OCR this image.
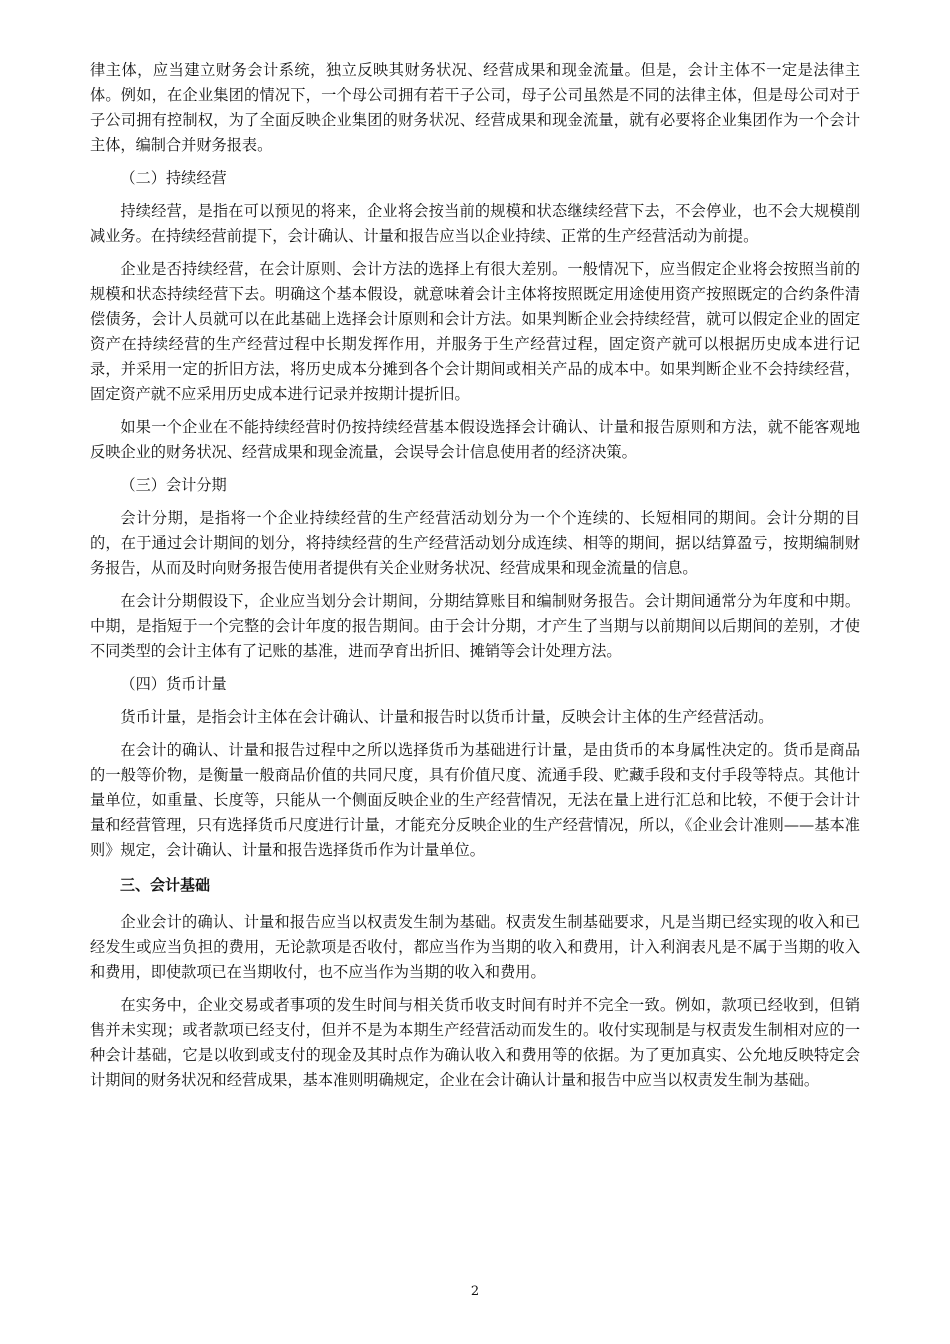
律主体，应当建立财务会计系统，独立反映其财务状况、经营成果和现金流量。但是，会计主体不一定是法律主体。例如，在企业集团的情况下，一个母公司拥有若干子公司，母子公司虽然是不同的法律主体，但是母公司对于子公司拥有控制权，为了全面反映企业集团的财务状况、经营成果和现金流量，就有必要将企业集团作为一个会计主体，编制合并财务报表。

（二）持续经营

持续经营，是指在可以预见的将来，企业将会按当前的规模和状态继续经营下去，不会停业，也不会大规模削减业务。在持续经营前提下，会计确认、计量和报告应当以企业持续、正常的生产经营活动为前提。

企业是否持续经营，在会计原则、会计方法的选择上有很大差别。一般情况下，应当假定企业将会按照当前的规模和状态持续经营下去。明确这个基本假设，就意味着会计主体将按照既定用途使用资产按照既定的合约条件清偿债务，会计人员就可以在此基础上选择会计原则和会计方法。如果判断企业会持续经营，就可以假定企业的固定资产在持续经营的生产经营过程中长期发挥作用，并服务于生产经营过程，固定资产就可以根据历史成本进行记录，并采用一定的折旧方法，将历史成本分摊到各个会计期间或相关产品的成本中。如果判断企业不会持续经营，固定资产就不应采用历史成本进行记录并按期计提折旧。

如果一个企业在不能持续经营时仍按持续经营基本假设选择会计确认、计量和报告原则和方法，就不能客观地反映企业的财务状况、经营成果和现金流量，会误导会计信息使用者的经济决策。

（三）会计分期

会计分期，是指将一个企业持续经营的生产经营活动划分为一个个连续的、长短相同的期间。会计分期的目的，在于通过会计期间的划分，将持续经营的生产经营活动划分成连续、相等的期间，据以结算盈亏，按期编制财务报告，从而及时向财务报告使用者提供有关企业财务状况、经营成果和现金流量的信息。

在会计分期假设下，企业应当划分会计期间，分期结算账目和编制财务报告。会计期间通常分为年度和中期。中期，是指短于一个完整的会计年度的报告期间。由于会计分期，才产生了当期与以前期间以后期间的差别，才使不同类型的会计主体有了记账的基准，进而孕育出折旧、摊销等会计处理方法。

（四）货币计量

货币计量，是指会计主体在会计确认、计量和报告时以货币计量，反映会计主体的生产经营活动。

在会计的确认、计量和报告过程中之所以选择货币为基础进行计量，是由货币的本身属性决定的。货币是商品的一般等价物，是衡量一般商品价值的共同尺度，具有价值尺度、流通手段、贮藏手段和支付手段等特点。其他计量单位，如重量、长度等，只能从一个侧面反映企业的生产经营情况，无法在量上进行汇总和比较，不便于会计计量和经营管理，只有选择货币尺度进行计量，才能充分反映企业的生产经营情况，所以，《企业会计准则——基本准则》规定，会计确认、计量和报告选择货币作为计量单位。

三、会计基础

企业会计的确认、计量和报告应当以权责发生制为基础。权责发生制基础要求，凡是当期已经实现的收入和已经发生或应当负担的费用，无论款项是否收付，都应当作为当期的收入和费用，计入利润表凡是不属于当期的收入和费用，即使款项已在当期收付，也不应当作为当期的收入和费用。

在实务中，企业交易或者事项的发生时间与相关货币收支时间有时并不完全一致。例如，款项已经收到，但销售并未实现；或者款项已经支付，但并不是为本期生产经营活动而发生的。收付实现制是与权责发生制相对应的一种会计基础，它是以收到或支付的现金及其时点作为确认收入和费用等的依据。为了更加真实、公允地反映特定会计期间的财务状况和经营成果，基本准则明确规定，企业在会计确认计量和报告中应当以权责发生制为基础。

2
